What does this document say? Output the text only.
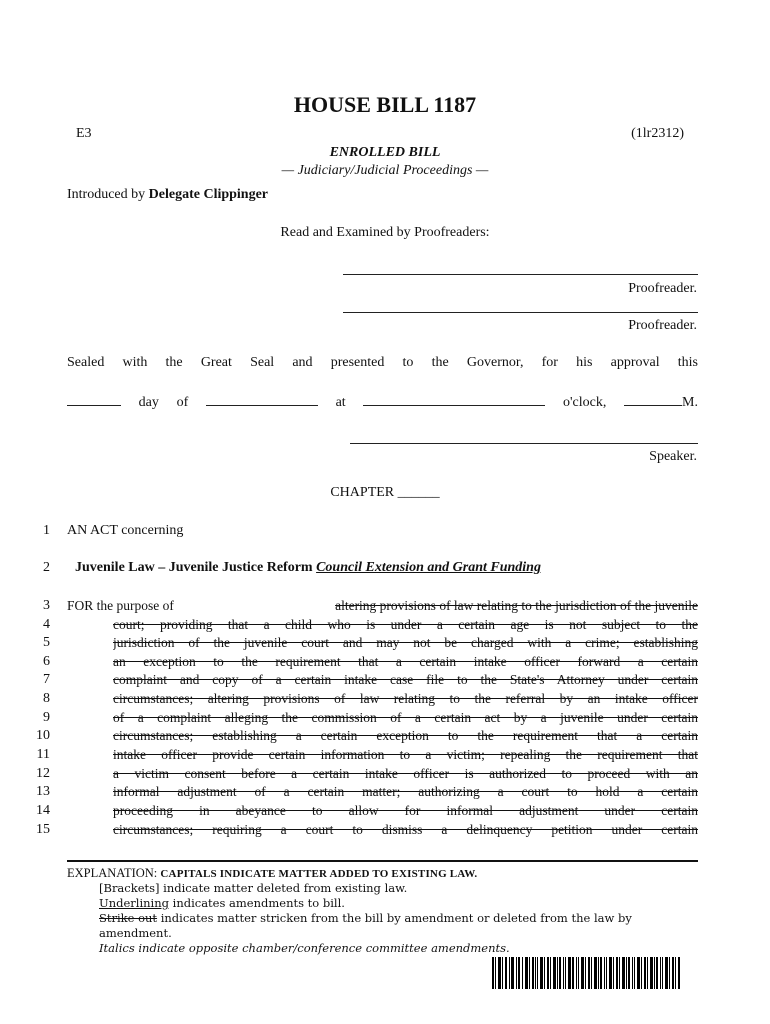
HOUSE BILL 1187
E3	(1lr2312)
ENROLLED BILL
— Judiciary/Judicial Proceedings —
Introduced by Delegate Clippinger
Read and Examined by Proofreaders:
Proofreader.
Proofreader.
Sealed with the Great Seal and presented to the Governor, for his approval this
day of	at	o'clock,	M.
Speaker.
CHAPTER ______
1 AN ACT concerning
2 Juvenile Law – Juvenile Justice Reform Council Extension and Grant Funding
3 FOR the purpose of	altering provisions of law relating to the jurisdiction of the juvenile
4	court; providing that a child who is under a certain age is not subject to the
5	jurisdiction of the juvenile court and may not be charged with a crime; establishing
6	an exception to the requirement that a certain intake officer forward a certain
7	complaint and copy of a certain intake case file to the State's Attorney under certain
8	circumstances; altering provisions of law relating to the referral by an intake officer
9	of a complaint alleging the commission of a certain act by a juvenile under certain
10	circumstances; establishing a certain exception to the requirement that a certain
11	intake officer provide certain information to a victim; repealing the requirement that
12	a victim consent before a certain intake officer is authorized to proceed with an
13	informal adjustment of a certain matter; authorizing a court to hold a certain
14	proceeding in abeyance to allow for informal adjustment under certain
15	circumstances; requiring a court to dismiss a delinquency petition under certain
EXPLANATION: CAPITALS INDICATE MATTER ADDED TO EXISTING LAW.
[Brackets] indicate matter deleted from existing law.
Underlining indicates amendments to bill.
Strike out indicates matter stricken from the bill by amendment or deleted from the law by
amendment.
Italics indicate opposite chamber/conference committee amendments.
